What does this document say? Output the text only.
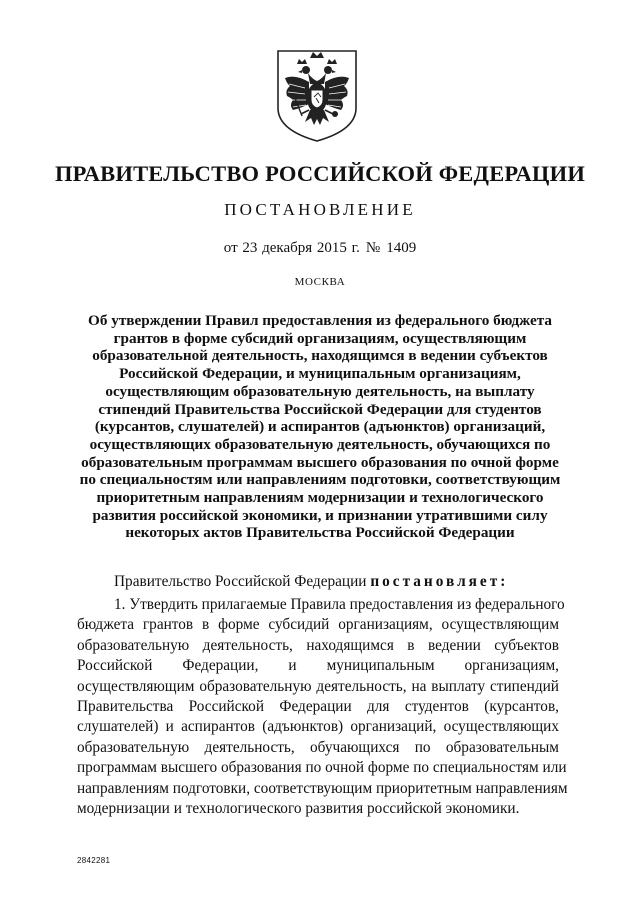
ПРАВИТЕЛЬСТВО РОССИЙСКОЙ ФЕДЕРАЦИИ
ПОСТАНОВЛЕНИЕ
от 23 декабря 2015 г. № 1409
МОСКВА
Об утверждении Правил предоставления из федерального бюджета
грантов в форме субсидий организациям, осуществляющим
образовательной деятельность, находящимся в ведении субъектов
Российской Федерации, и муниципальным организациям,
осуществляющим образовательную деятельность, на выплату
стипендий Правительства Российской Федерации для студентов
(курсантов, слушателей) и аспирантов (адъюнктов) организаций,
осуществляющих образовательную деятельность, обучающихся по
образовательным программам высшего образования по очной форме
по специальностям или направлениям подготовки, соответствующим
приоритетным направлениям модернизации и технологического
развития российской экономики, и признании утратившими силу
некоторых актов Правительства Российской Федерации
Правительство Российской Федерации постановляет:
1. Утвердить прилагаемые Правила предоставления из федерального
бюджета грантов в форме субсидий организациям, осуществляющим
образовательную деятельность, находящимся в ведении субъектов
Российской Федерации, и муниципальным организациям,
осуществляющим образовательную деятельность, на выплату стипендий
Правительства Российской Федерации для студентов (курсантов,
слушателей) и аспирантов (адъюнктов) организаций, осуществляющих
образовательную деятельность, обучающихся по образовательным
программам высшего образования по очной форме по специальностям или
направлениям подготовки, соответствующим приоритетным направлениям
модернизации и технологического развития российской экономики.
2842281
